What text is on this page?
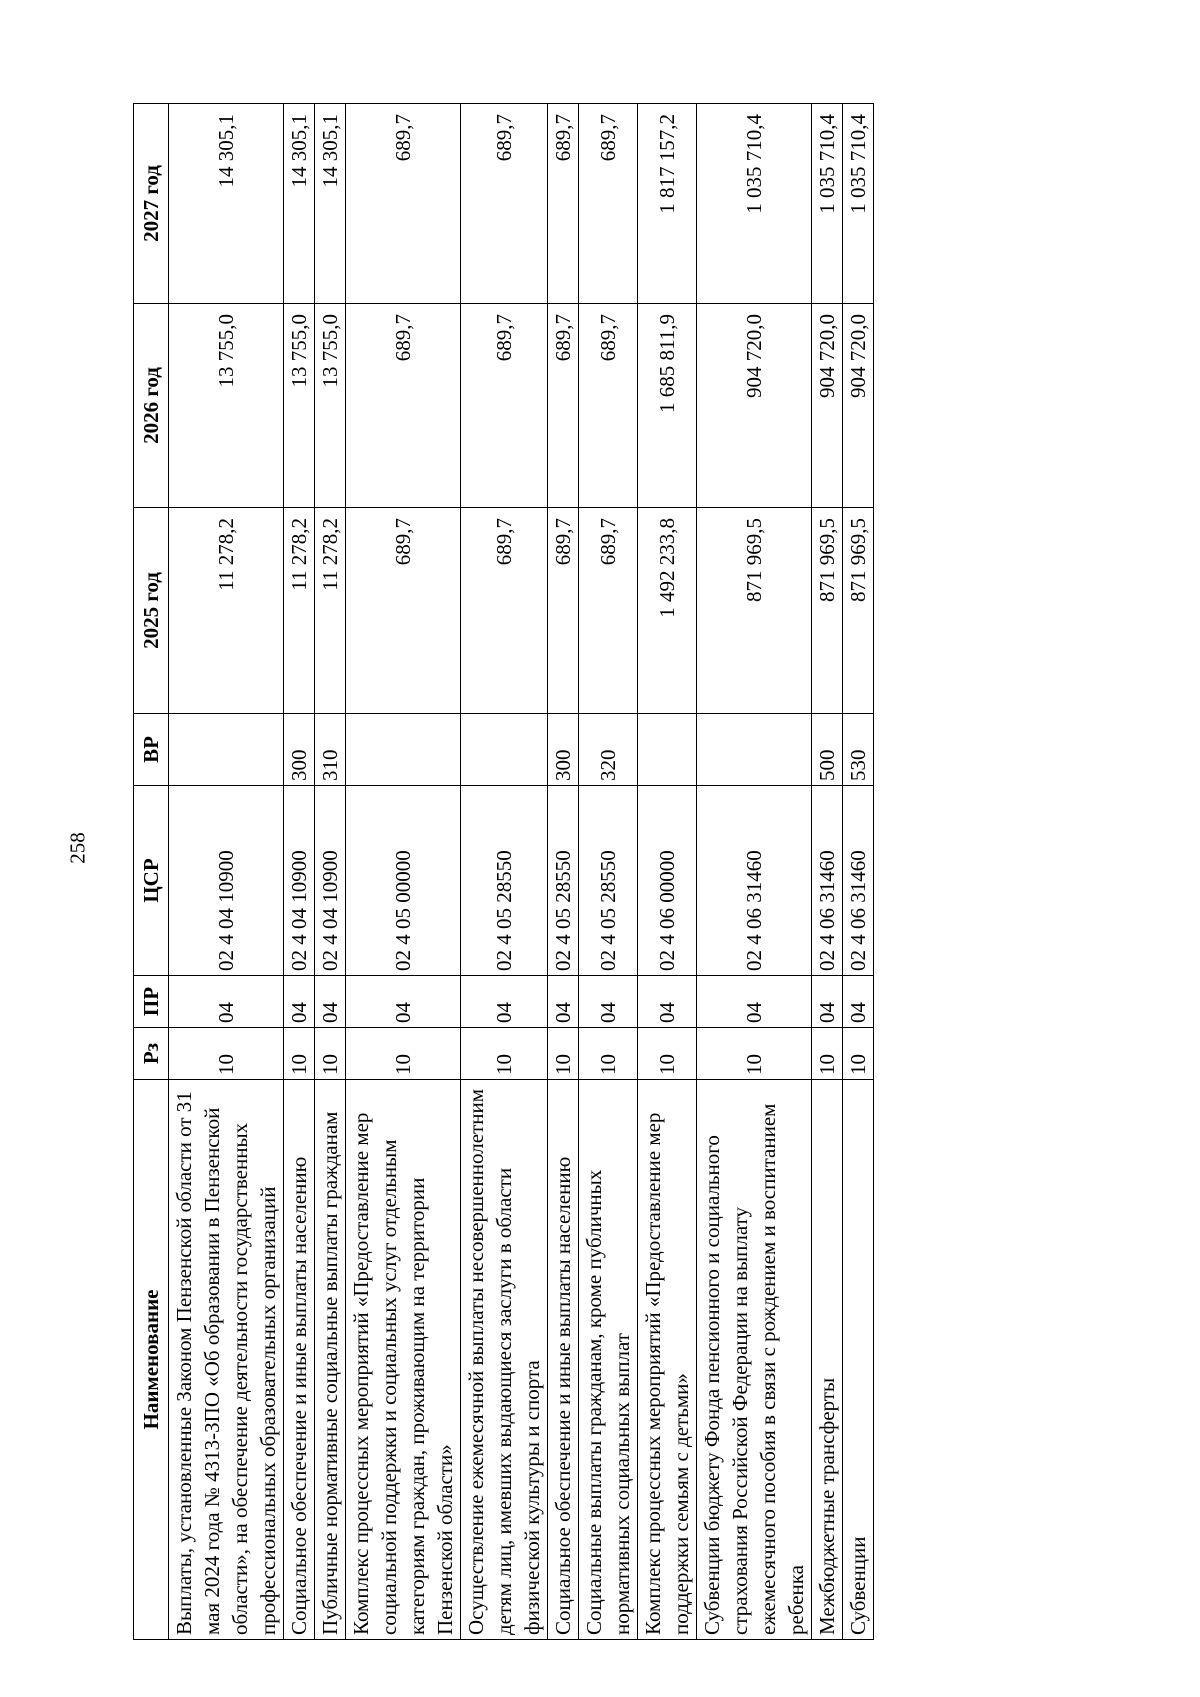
258
Наименование	Рз	ПР	ЦСР	ВР	2025 год	2026 год	2027 год
Выплаты, установленные Законом Пензенской области от 31 мая 2024 года № 4313-ЗПО «Об образовании в Пензенской области», на обеспечение деятельности государственных профессиональных образовательных организаций	10	04	02 4 04 10900		11 278,2	13 755,0	14 305,1
Социальное обеспечение и иные выплаты населению	10	04	02 4 04 10900	300	11 278,2	13 755,0	14 305,1
Публичные нормативные социальные выплаты гражданам	10	04	02 4 04 10900	310	11 278,2	13 755,0	14 305,1
Комплекс процессных мероприятий «Предоставление мер социальной поддержки и социальных услуг отдельным категориям граждан, проживающим на территории Пензенской области»	10	04	02 4 05 00000		689,7	689,7	689,7
Осуществление ежемесячной выплаты несовершеннолетним детям лиц, имевших выдающиеся заслуги в области физической культуры и спорта	10	04	02 4 05 28550		689,7	689,7	689,7
Социальное обеспечение и иные выплаты населению	10	04	02 4 05 28550	300	689,7	689,7	689,7
Социальные выплаты гражданам, кроме публичных нормативных социальных выплат	10	04	02 4 05 28550	320	689,7	689,7	689,7
Комплекс процессных мероприятий «Предоставление мер поддержки семьям с детьми»	10	04	02 4 06 00000		1 492 233,8	1 685 811,9	1 817 157,2
Субвенции бюджету Фонда пенсионного и социального страхования Российской Федерации на выплату ежемесячного пособия в связи с рождением и воспитанием ребенка	10	04	02 4 06 31460		871 969,5	904 720,0	1 035 710,4
Межбюджетные трансферты	10	04	02 4 06 31460	500	871 969,5	904 720,0	1 035 710,4
Субвенции	10	04	02 4 06 31460	530	871 969,5	904 720,0	1 035 710,4
